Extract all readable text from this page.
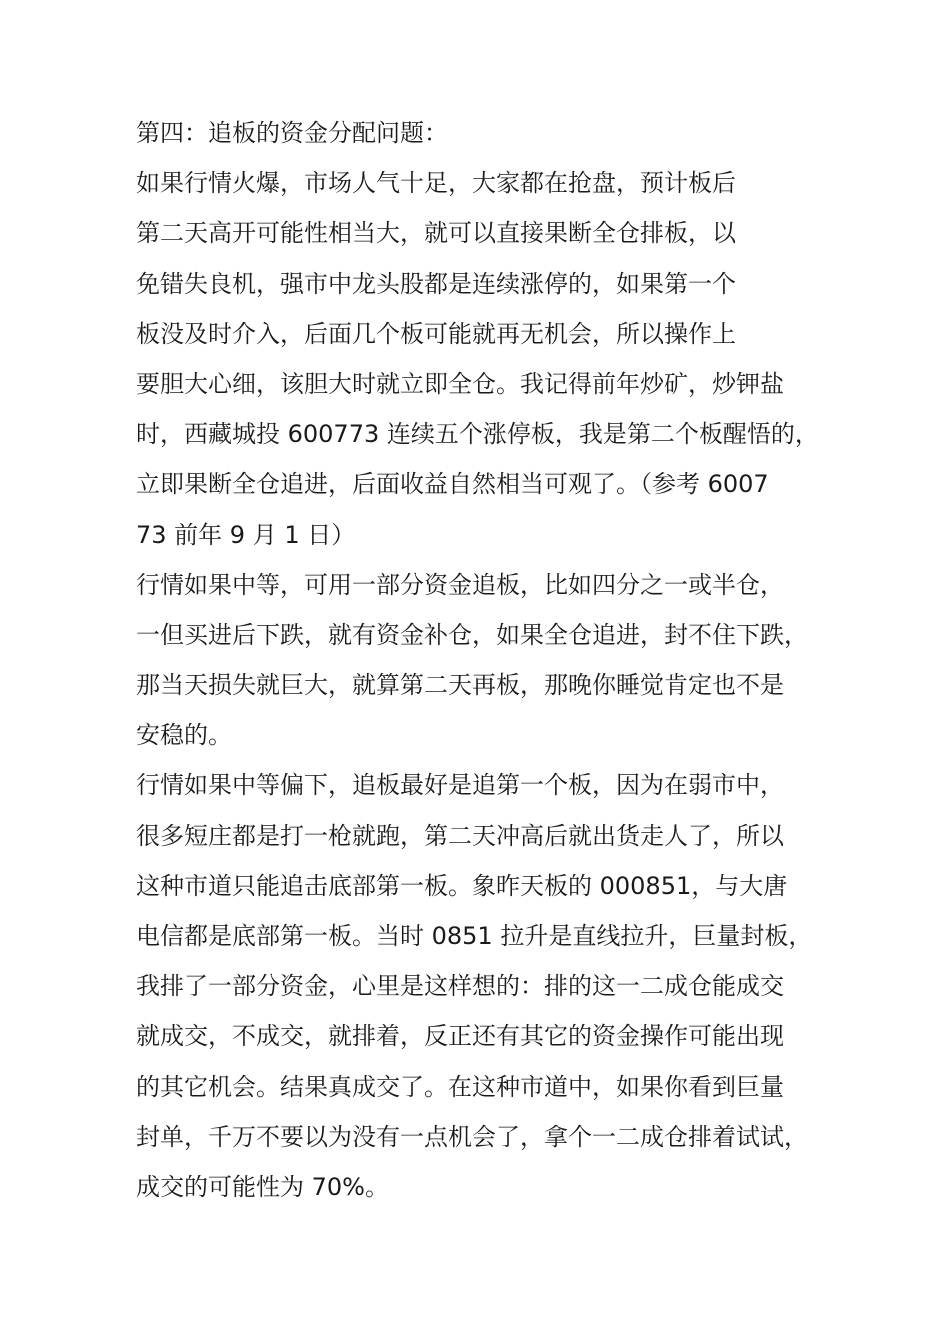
第四：追板的资金分配问题：

如果行情火爆，市场人气十足，大家都在抢盘，预计板后

第二天高开可能性相当大，就可以直接果断全仓排板，以

免错失良机，强市中龙头股都是连续涨停的，如果第一个

板没及时介入，后面几个板可能就再无机会，所以操作上

要胆大心细，该胆大时就立即全仓。我记得前年炒矿，炒钾盐

时，西藏城投 600773 连续五个涨停板，我是第二个板醒悟的，

立即果断全仓追进，后面收益自然相当可观了。（参考 6007

73 前年 9 月 1 日）

行情如果中等，可用一部分资金追板，比如四分之一或半仓，

一但买进后下跌，就有资金补仓，如果全仓追进，封不住下跌，

那当天损失就巨大，就算第二天再板，那晚你睡觉肯定也不是

安稳的。

行情如果中等偏下，追板最好是追第一个板，因为在弱市中，

很多短庄都是打一枪就跑，第二天冲高后就出货走人了，所以

这种市道只能追击底部第一板。象昨天板的 000851，与大唐

电信都是底部第一板。当时 0851 拉升是直线拉升，巨量封板，

我排了一部分资金，心里是这样想的：排的这一二成仓能成交

就成交，不成交，就排着，反正还有其它的资金操作可能出现

的其它机会。结果真成交了。在这种市道中，如果你看到巨量

封单，千万不要以为没有一点机会了，拿个一二成仓排着试试，

成交的可能性为 70%。
